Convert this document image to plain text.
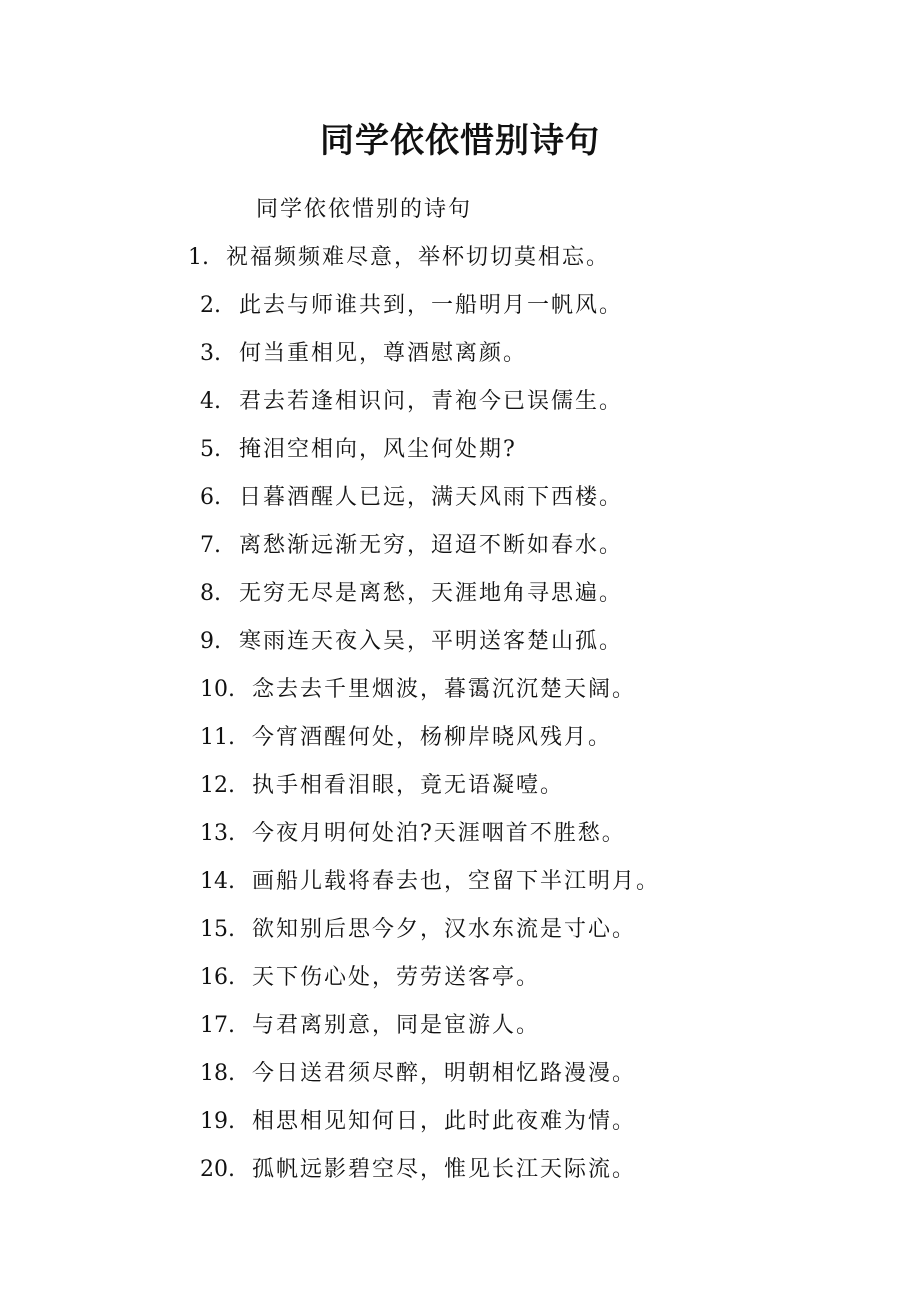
同学依依惜别诗句

同学依依惜别的诗句

1. 祝福频频难尽意，举杯切切莫相忘。
2. 此去与师谁共到，一船明月一帆风。
3. 何当重相见，尊酒慰离颜。
4. 君去若逢相识问，青袍今已误儒生。
5. 掩泪空相向，风尘何处期?
6. 日暮酒醒人已远，满天风雨下西楼。
7. 离愁渐远渐无穷，迢迢不断如春水。
8. 无穷无尽是离愁，天涯地角寻思遍。
9. 寒雨连天夜入吴，平明送客楚山孤。
10. 念去去千里烟波，暮霭沉沉楚天阔。
11. 今宵酒醒何处，杨柳岸晓风残月。
12. 执手相看泪眼，竟无语凝噎。
13. 今夜月明何处泊?天涯咽首不胜愁。
14. 画船儿载将春去也，空留下半江明月。
15. 欲知别后思今夕，汉水东流是寸心。
16. 天下伤心处，劳劳送客亭。
17. 与君离别意，同是宦游人。
18. 今日送君须尽醉，明朝相忆路漫漫。
19. 相思相见知何日，此时此夜难为情。
20. 孤帆远影碧空尽，惟见长江天际流。
